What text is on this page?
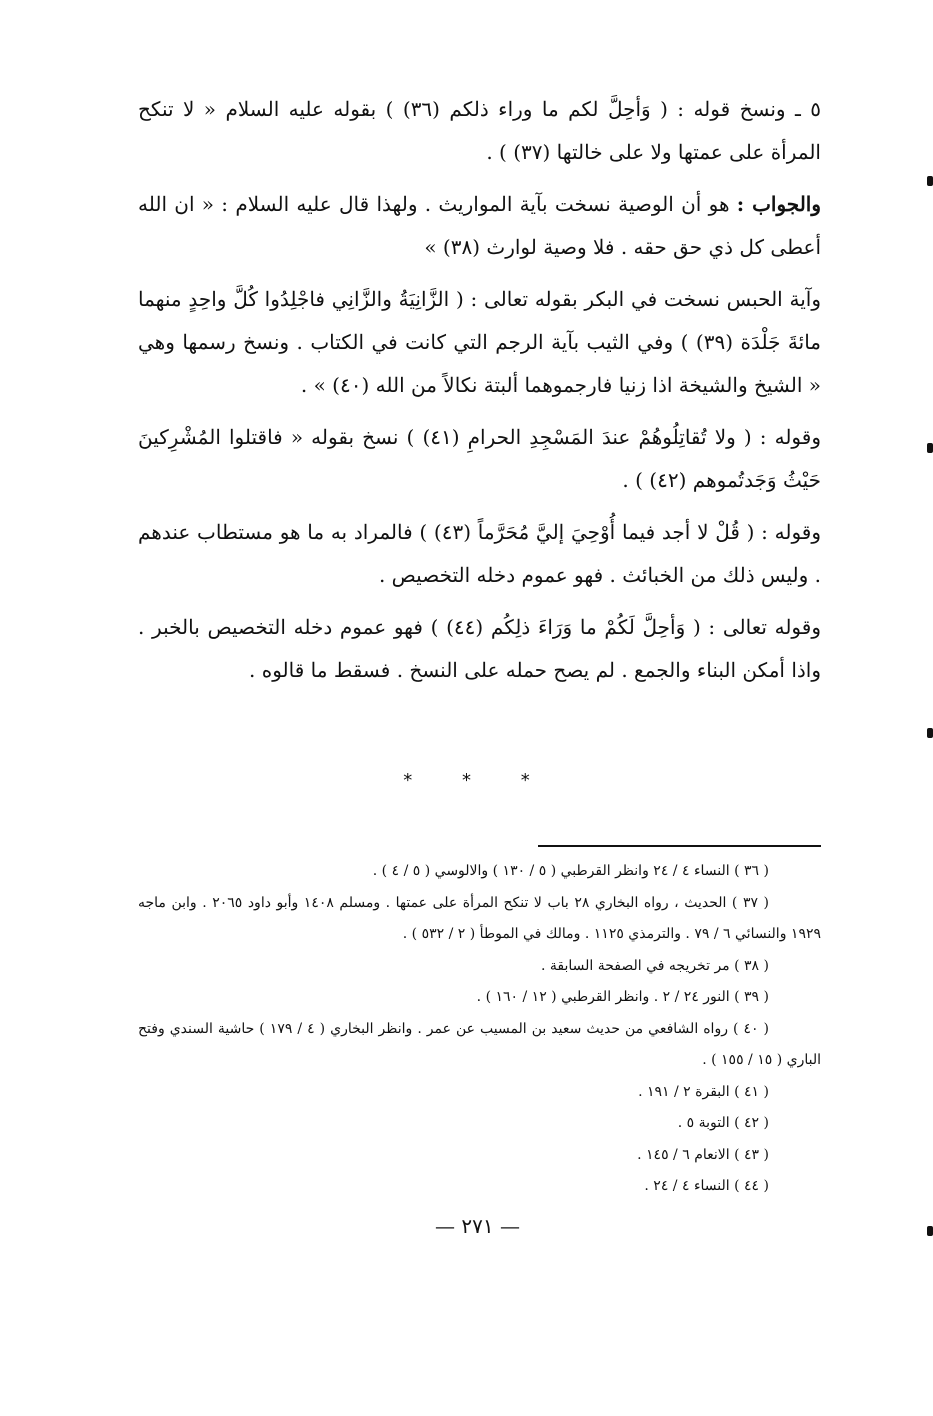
٥ ـ ونسخ قوله : ( وَأحِلَّ لكم ما وراء ذلكم (٣٦) ) بقوله عليه السلام « لا تنكح المرأة على عمتها ولا على خالتها (٣٧) ) .

والجواب : هو أن الوصية نسخت بآية المواريث . ولهذا قال عليه السلام : « ان الله أعطى كل ذي حق حقه . فلا وصية لوارث (٣٨) »

وآية الحبس نسخت في البكر بقوله تعالى : ( الزَّانِيَةُ والزَّانِي فاجْلِدُوا كُلَّ واحِدٍ منهما مائةَ جَلْدَة (٣٩) ) وفي الثيب بآية الرجم التي كانت في الكتاب . ونسخ رسمها وهي « الشيخ والشيخة اذا زنيا فارجموهما ألبتة نكالاً من الله (٤٠) » .

وقوله : ( ولا تُقاتِلُوهُمْ عندَ المَسْجِدِ الحرامِ (٤١) ) نسخ بقوله « فاقتلوا المُشْرِكينَ حَيْثُ وَجَدتُموهم (٤٢) ) .

وقوله : ( قُلْ لا أجد فيما أُوْحِيَ إليَّ مُحَرَّماً (٤٣) ) فالمراد به ما هو مستطاب عندهم . وليس ذلك من الخبائث . فهو عموم دخله التخصيص .

وقوله تعالى : ( وَأحِلَّ لَكُمْ ما وَرَاءَ ذلِكُم (٤٤) ) فهو عموم دخله التخصيص بالخبر . واذا أمكن البناء والجمع . لم يصح حمله على النسخ . فسقط ما قالوه .

* * *

( ٣٦ ) النساء ٤ / ٢٤ وانظر القرطبي ( ٥ / ١٣٠ ) والالوسي ( ٥ / ٤ ) .

( ٣٧ ) الحديث ، رواه البخاري ٢٨ باب لا تنكح المرأة على عمتها . ومسلم ١٤٠٨ وأبو داود ٢٠٦٥ . وابن ماجه ١٩٢٩ والنسائي ٦ / ٧٩ . والترمذي ١١٢٥ . ومالك في الموطأ ( ٢ / ٥٣٢ ) .

( ٣٨ ) مر تخريجه في الصفحة السابقة .

( ٣٩ ) النور ٢٤ / ٢ . وانظر القرطبي ( ١٢ / ١٦٠ ) .

( ٤٠ ) رواه الشافعي من حديث سعيد بن المسيب عن عمر . وانظر البخاري ( ٤ / ١٧٩ ) حاشية السندي وفتح الباري ( ١٥ / ١٥٥ ) .

( ٤١ ) البقرة ٢ / ١٩١ .

( ٤٢ ) التوبة ٥ .

( ٤٣ ) الانعام ٦ / ١٤٥ .

( ٤٤ ) النساء ٤ / ٢٤ .

— ٢٧١ —
